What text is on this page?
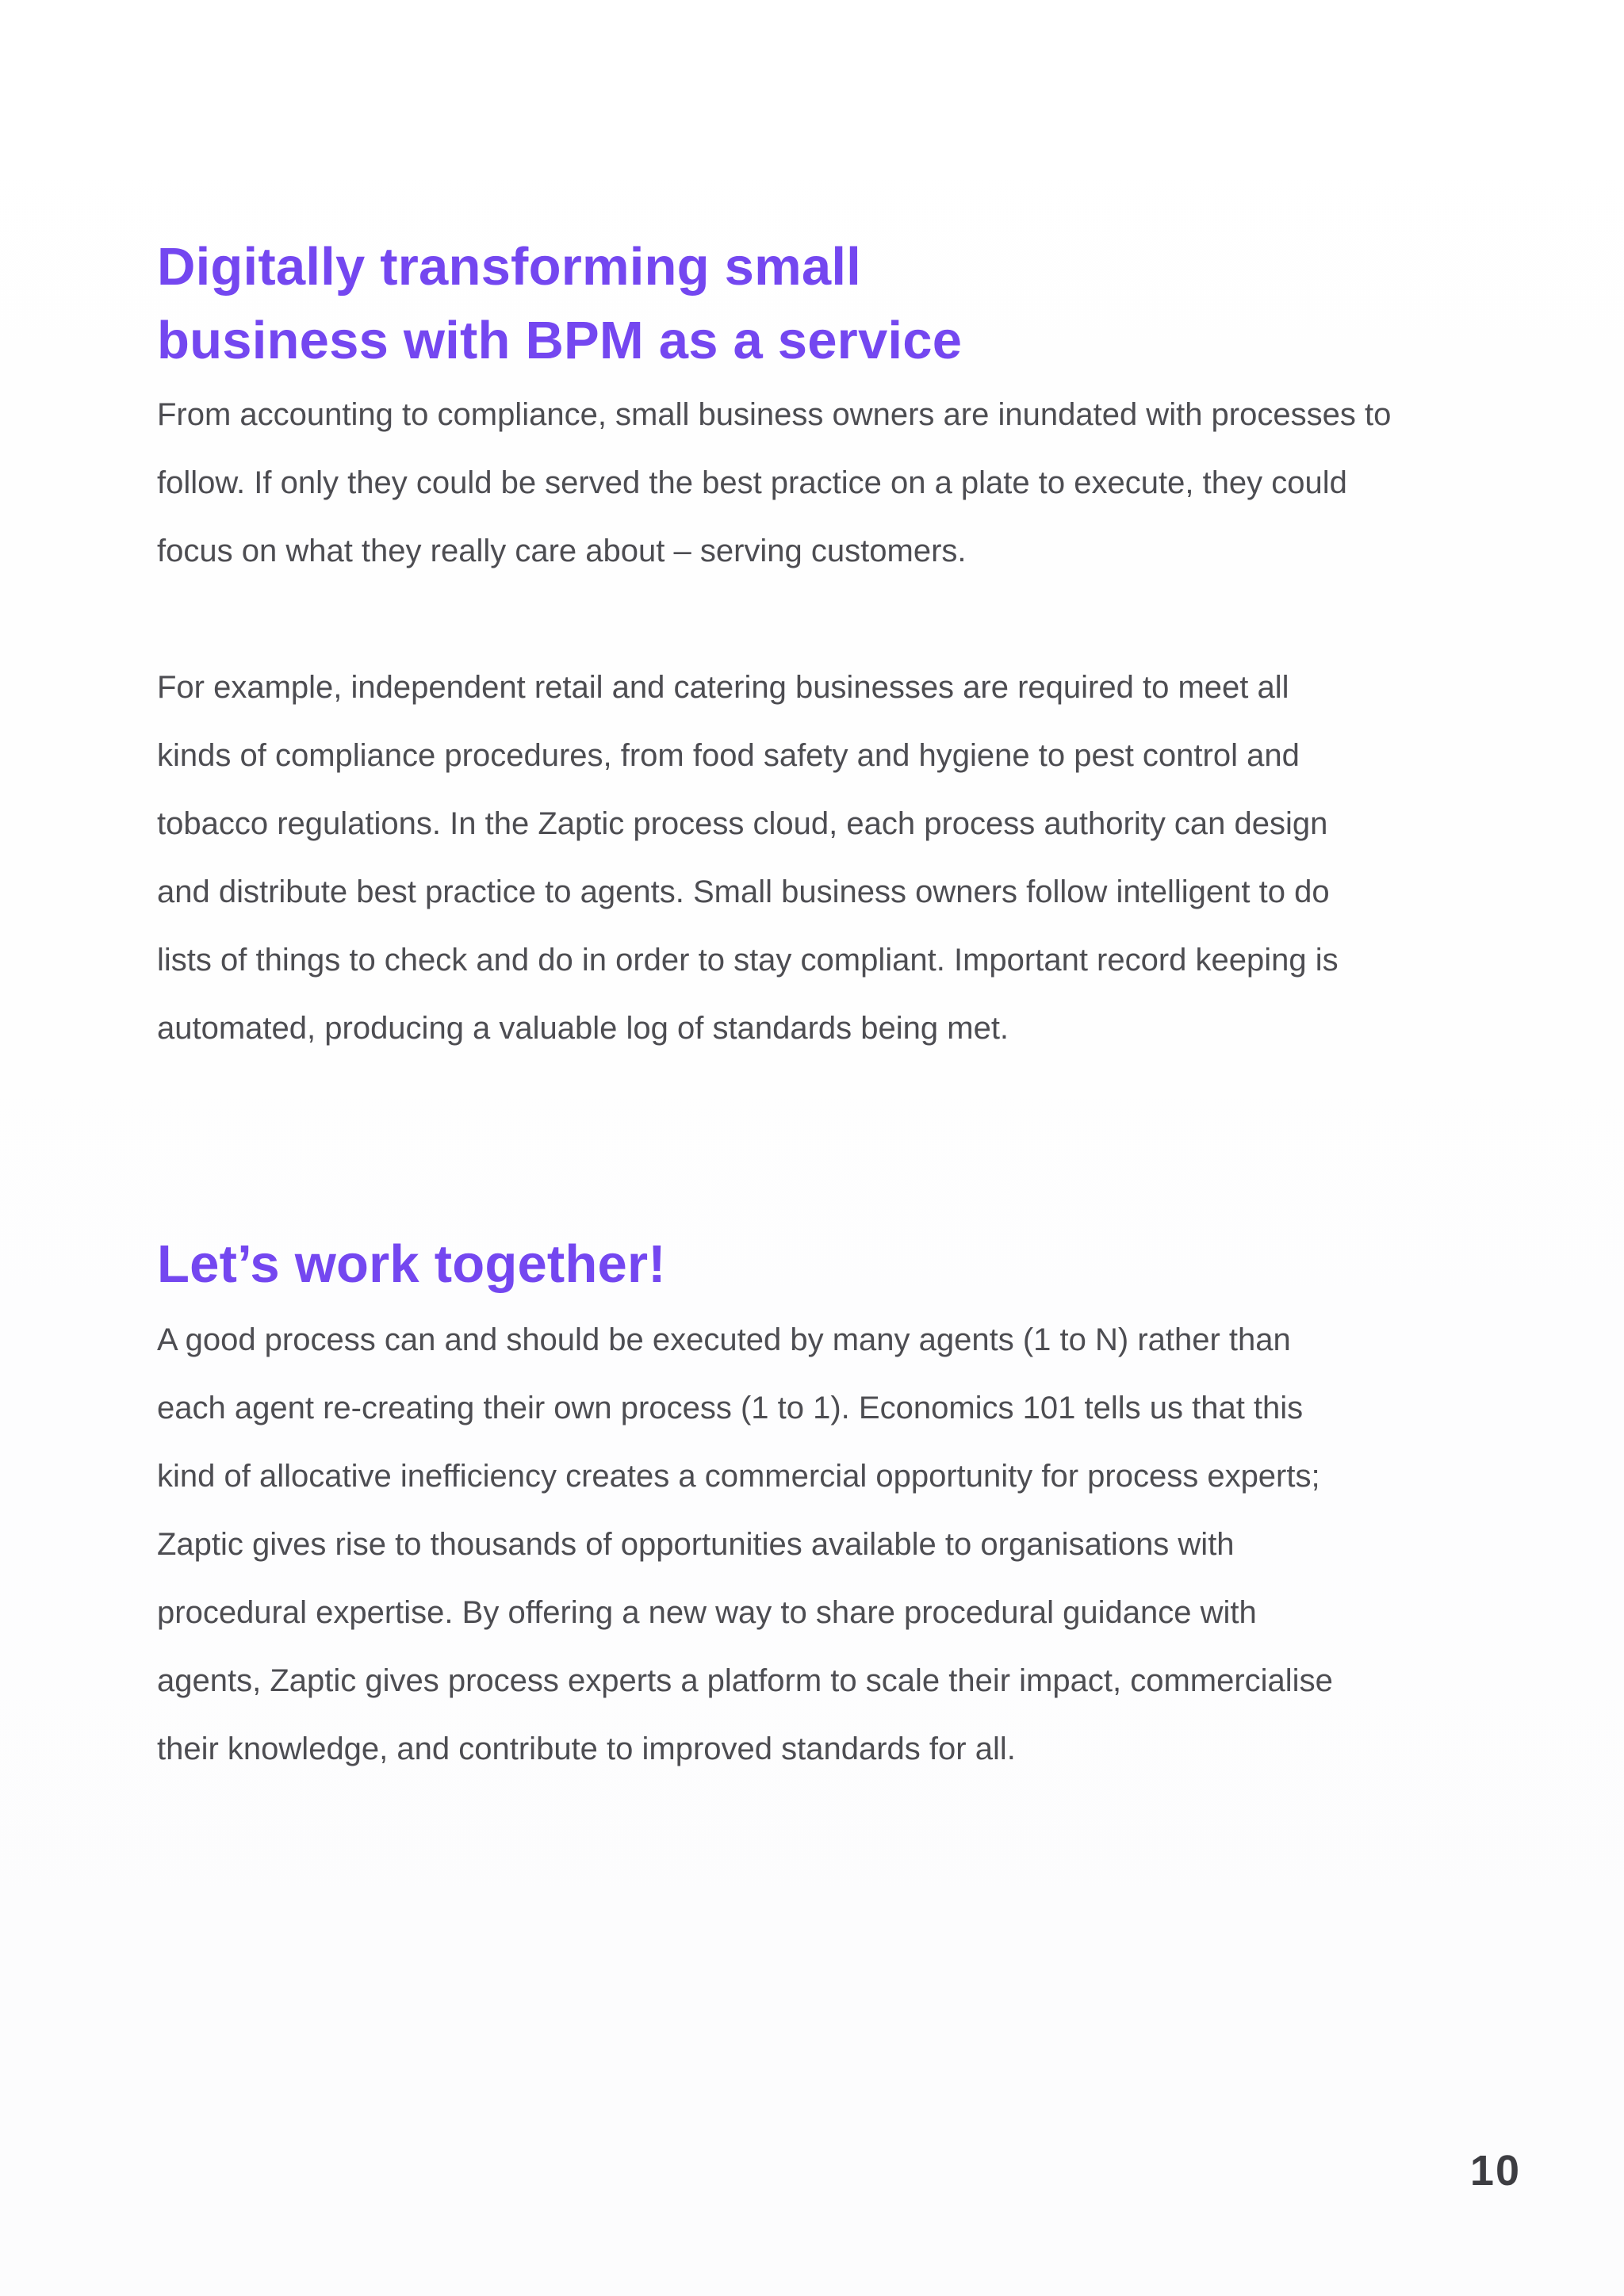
Digitally transforming small
business with BPM as a service

From accounting to compliance, small business owners are inundated with processes to
follow. If only they could be served the best practice on a plate to execute, they could
focus on what they really care about – serving customers.

For example, independent retail and catering businesses are required to meet all
kinds of compliance procedures, from food safety and hygiene to pest control and
tobacco regulations. In the Zaptic process cloud, each process authority can design
and distribute best practice to agents. Small business owners follow intelligent to do
lists of things to check and do in order to stay compliant. Important record keeping is
automated, producing a valuable log of standards being met.

Let’s work together!

A good process can and should be executed by many agents (1 to N) rather than
each agent re-creating their own process (1 to 1). Economics 101 tells us that this
kind of allocative inefficiency creates a commercial opportunity for process experts;
Zaptic gives rise to thousands of opportunities available to organisations with
procedural expertise. By offering a new way to share procedural guidance with
agents, Zaptic gives process experts a platform to scale their impact, commercialise
their knowledge, and contribute to improved standards for all.

10
